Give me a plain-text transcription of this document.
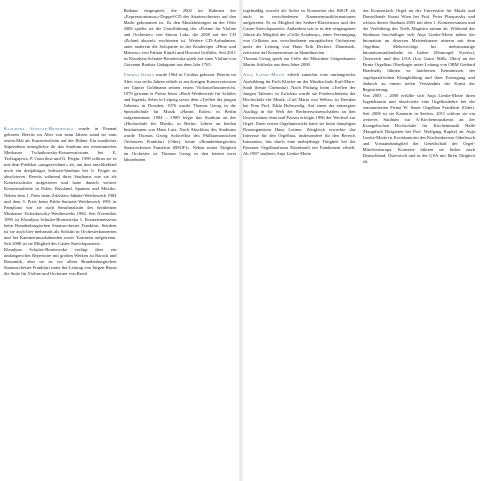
Klaudyna Schulze-Broniewska wurde in Poznań geboren. Bereits im Alter von neun Jahren stand sie zum ersten Mal als Konzertsolistin auf der Bühne. Ein staatliches Stipendium ermöglichte ihr das Studium am renommierten Moskauer Tschaikowsky-Konservatorium bei E. Tschugajewa, P. Gawrilow und G. Feigin. 1990 schloss sie es mit dem Prädikat »ausgezeichnet« ab, um dort anschließend noch ein dreijähriges Solisten-Studium bei G. Feigin zu absolvieren. Bereits während ihres Studiums war sie als Konzertsolistin aufgetreten und hatte danach weitere Konzertauftritte in Polen, Russland, Spanien und Mexiko. Neben dem 1. Preis beim Zdzislaw-Jahnke-Wettbewerb 1984 und dem 3. Preis beim Pablo-Sarasate-Wettbewerb 1991 in Pamplona war sie auch Semifinalistin des berühmten Moskauer Tschaikowsky-Wettbewerbs 1994. Seit November 1995 ist Klaudyna Schulze-Broniewska 1. Konzertmeisterin beim Brandenburgischen Staatsorchester Frankfurt. Seitdem ist sie auch hier mehrmals als Solistin in Orchesterkonzerten und bei Kammermusikabenden sowie Tourneen aufgetreten. Seit 2008 ist sie Mitglied des Caster-Streichquartetts.

Klaudyna Schulze-Broniewska verfügt über ein umfangreiches Repertoire mit großen Werken zu Barock und Romantik, aber sie ist vor allem Brandenburgischen Staatsorchester Frankfurt unter der Leitung von Jürgen Bruns die Suite für Violine und Orchester von Ravel

Rathaus eingespielt, die 2002 im Rahmen der »Expressionismus«-Doppel-CD des Staatsorchesters auf den Markt gekommen ist. Zu den Musikbeiträgen an der Oder 2008 spielte sie die Uraufführung des »Poème für Violine und Orchester« von Simon Laks, die 2008 auf der CD »Poland abroad« erschienen ist. Weitere CD-Aufnahmen, unter anderem die Solopartie in der Kinderoper »Hexe und Maestro« von Fabian Künzli und Howard Griffiths. Seit 2011 ist Klaudyna Schulze-Broniewska spielt auf einer Violine von Giovanni Battista Gadagnini aus dem Jahr 1765.

Thomas Georg wurde 1964 in Cottbus geboren. Bereits im Alter von sechs Jahren erhielt er am dortigen Konservatorium bei Günter Goldmann seinen ersten Violoncellounterricht. 1979 gewann er Preise beim »Bach-Wettbewerb für Schüler und Jugend« Sehrs in Leipzig sowie dem »Treffen der jungen Talente« in Dresden. 1976 wurde Thomas Georg in die Spezialschule für Musik »Hanns Eisler« in Berlin aufgenommen. 1984 – 1989 folgte das Studium an der »Hochschule für Musik« in Berlin; Lehrer an beiden Institutionen war Hans Lutz. Nach Abschluss des Studiums wurde Thomas Georg Solocellist des Philharmonischen Orchesters Frankfurt (Oder), heute »Brandenburgisches Staatsorchester Frankfurt (BSOF)«. Neben seiner Tätigkeit im Orchester ist Thomas Georg in den letzten zwei Jahrzehnten

regelmäßig sowohl als Solist in Konzerten des BSOF als auch in verschiedenen Kammermusikformationen aufgetreten. Er ist Mitglied des Seibert-Klaviertrios und des Caster-Streichquartetts. Außerdem war er in den vergangenen Jahren als Mitglied der »Cello-Academy«, einer Vereinigung von Cellisten aus verschiedenen europäischen Orchestern unter der Leitung von Hans Erik Deckert, Dänemark, zeitweise auf Konzertreisen in Skandinavien.

Thomas Georg spielt ein Cello der Münchner Geigenbauers Martin Schleske aus dem Jahre 2008.

Anja Lieske-Motte erhielt zunächst eine umfangreiche Ausbildung im Fach Klavier an der Musikschule Karl-Marx-Stadt (heute Chemnitz). Nach Prüfung beim »Treffen der Jungen Talente« in Zwickau wurde sie Förderschülerin der Hochschule für Musik »Carl Maria von Weber« in Dresden bei Frau Prof. Edda Hohrwedig. Auf einen der entsorgten Ausflug in die Welt der Rechnerwissenschaften an den Universitäten Jena und Passau erfolgte 1996 der Wechsel zur Orgel. Ihren ersten Orgelunterricht hatte sie beim damaligen Domorganisten Hans Leitner. Zeitgleich erwachte das Interesse für den Orgelbau, insbesondere für den Bereich Intonation, das durch eine mehrjährige Tätigkeit bei der Passauer Orgelbaufirma Eisenbarth ein Fundament erhielt. Ab 1997 studierte Anja Lieske-Motte

das Konzertfach Orgel an der Universität für Musik und Darstellende Kunst Wien bei Prof. Peter Planyavsky und schloss dieses Studium 2003 mit dem 1. Konzertexamen und der Verleihung des Titels Magistra artium ab. Während des Studiums beschäftigte sich Anja Lieske-Motte neben der Intonation an diversen Meisterkursen unterm mit dem Orgelbau. Mehrwöchige bis mehrmonatige Intonationsaufenthalte in Italien (Domorgel Treviso), Österreich und den USA (Los Gatos Mills, Ohio) an der Firma Orgelbau Oberlinger unter Leitung von OBM Gerhard Hradetzky führten zu fundierten Kenntnissen der orgelspezifischen Klangbildung und ihrer Erzeugung und dadurch zu einem tiefen Verständnis der Kunst der Registrierung.

Von 2003 – 2008 erfüllte sich Anja Lieske-Motte ihren Jugendtraum und absolvierte eine Orgelbaulehre bei der renommierten Firma W. Sauer Orgelbau Frankfurt (Oder). Seit 2008 ist sie Kantorin in Seelow. 2011 schloss sie ein weiteres Studium zur A-Kirchenmusikerin an der Evangelischen Hochschule für Kirchenmusik Halle (Hauptfach Dirigieren bei Prof. Wolfgang Kupke) ab. Anja Lieske-Motte ist Kreiskantorin des Kirchenkreises Oderbruch und Vorstandsmitglied der Gesellschaft der Orgel-Mittelosteuropa. Konzerte führten sie bisher nach Deutschland, Österreich und in die USA mit Ihren Tätigkeit als
